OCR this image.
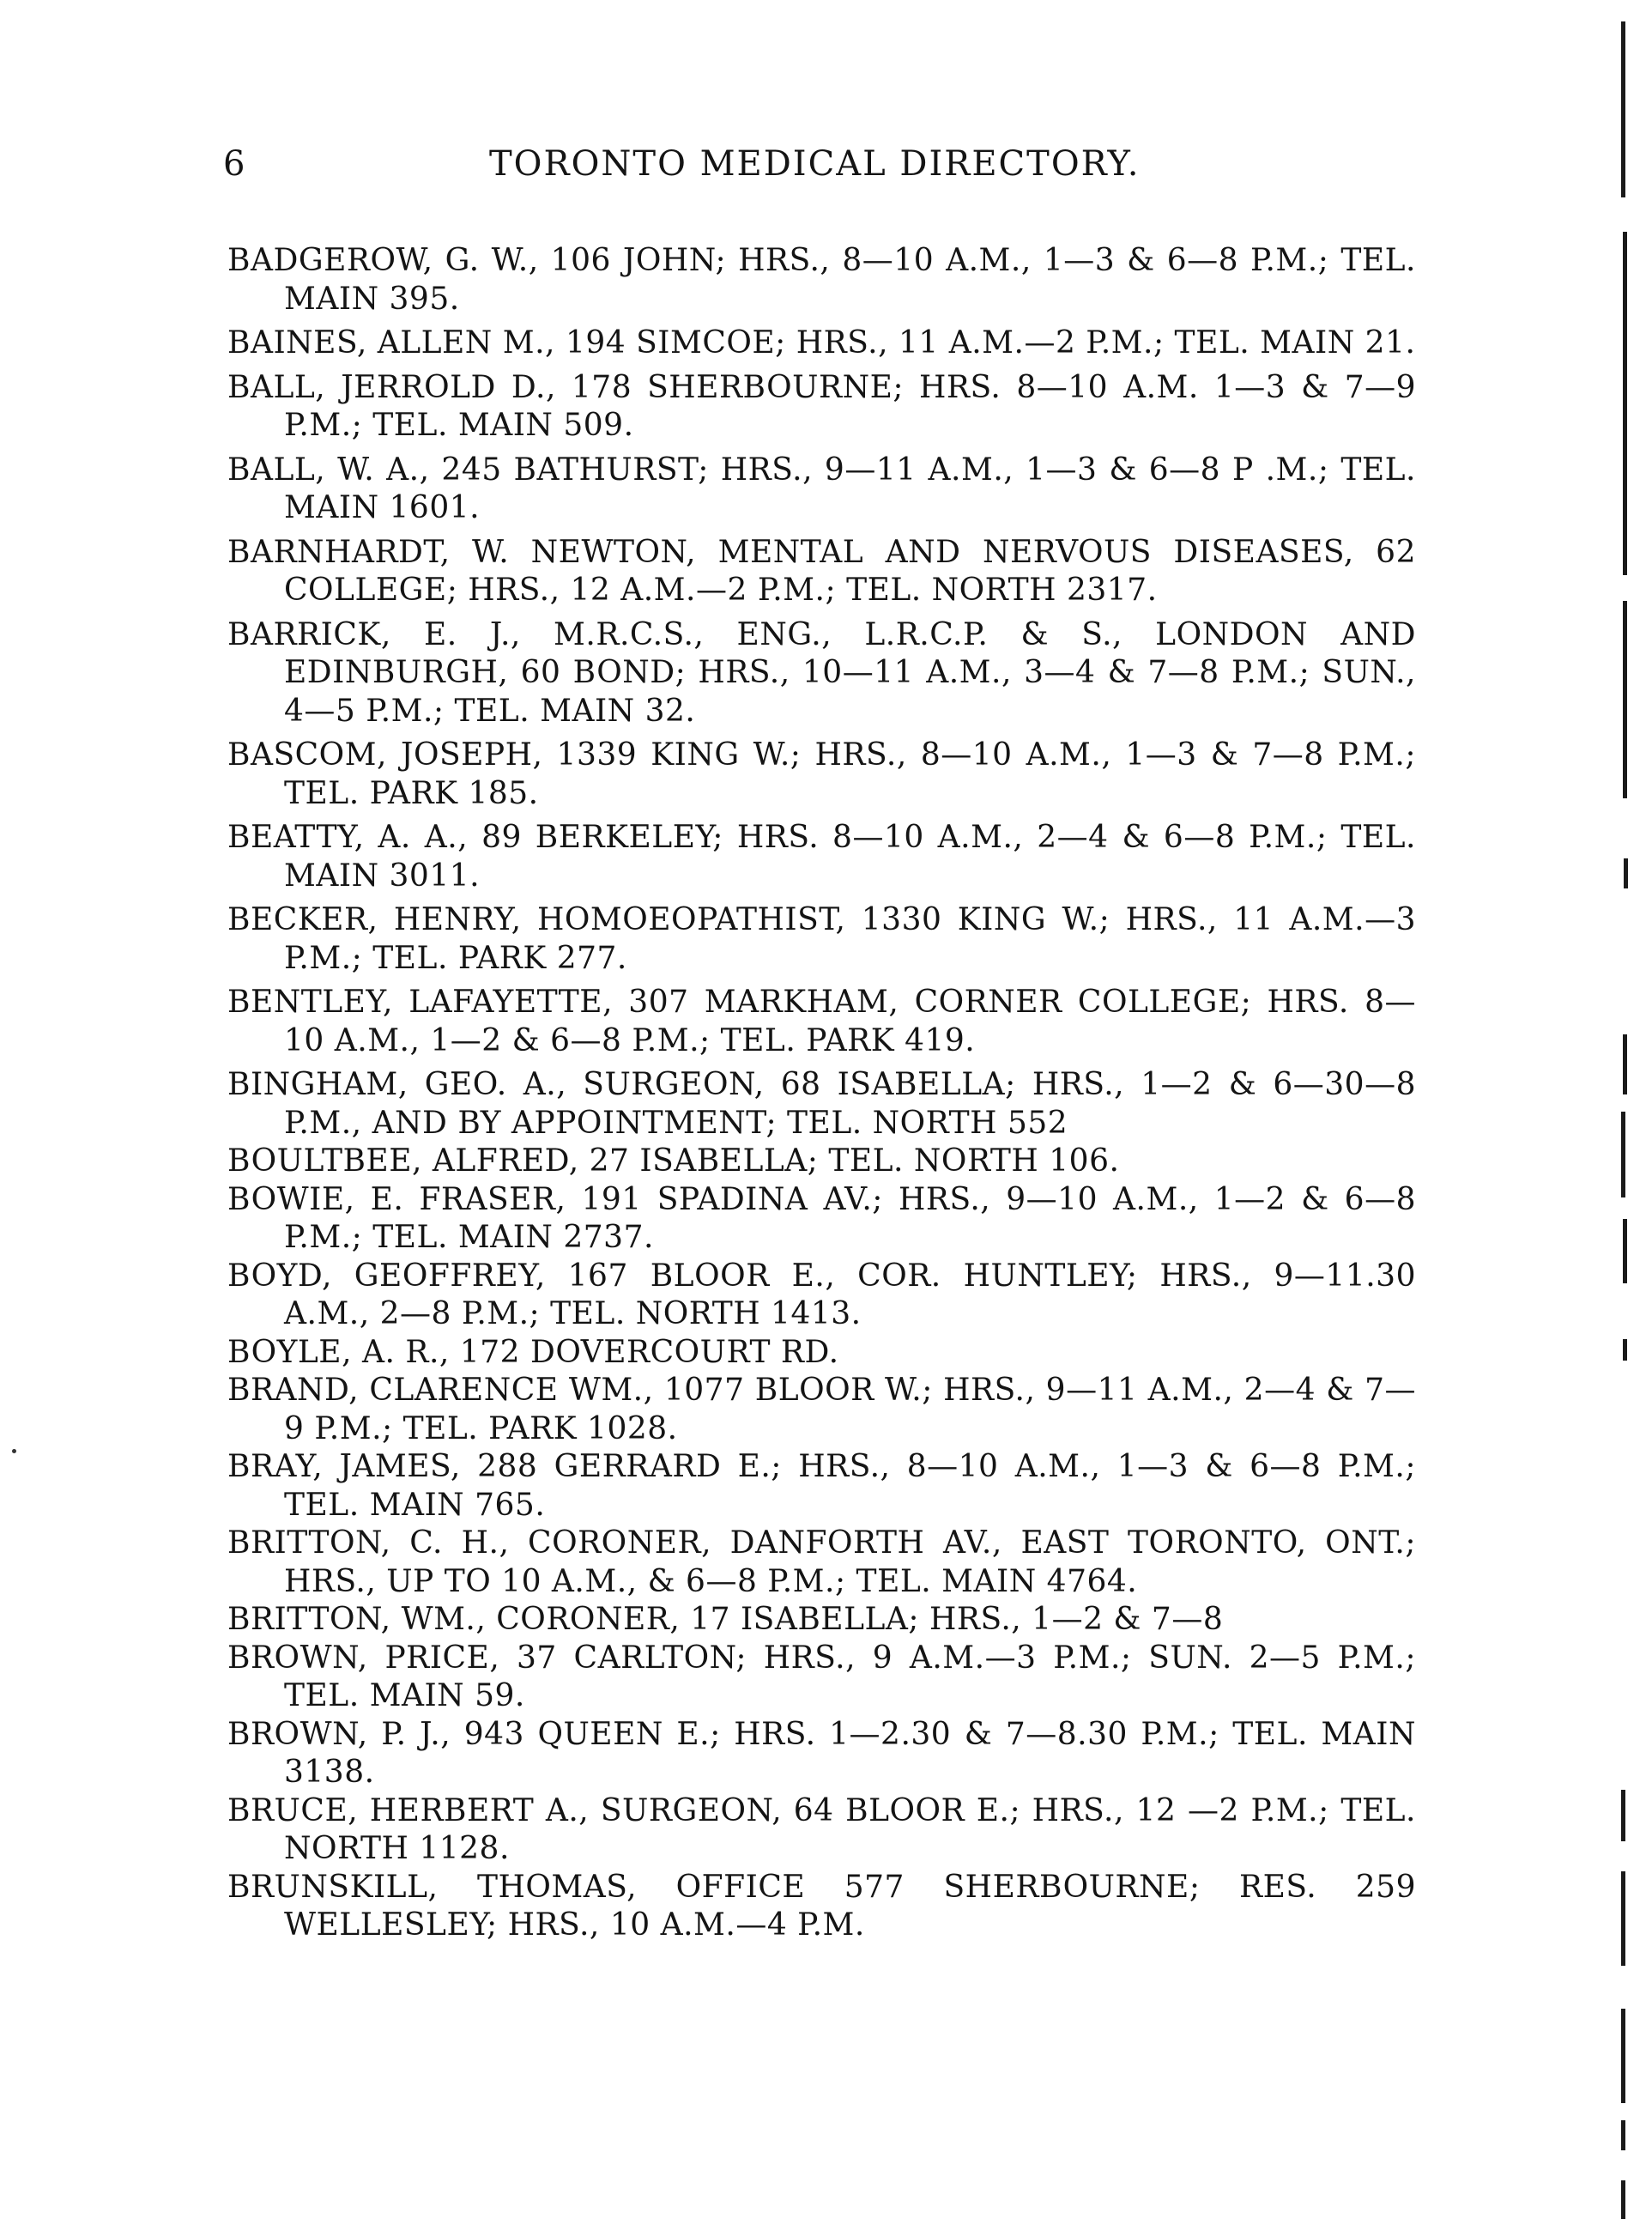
6	TORONTO MEDICAL DIRECTORY.

BADGEROW, G. W., 106 JOHN; HRS., 8—10 A.M., 1—3 & 6—8 P.M.; TEL. MAIN 395.

BAINES, ALLEN M., 194 SIMCOE; HRS., 11 A.M.—2 P.M.; TEL. MAIN 21.

BALL, JERROLD D., 178 SHERBOURNE; HRS. 8—10 A.M. 1—3 & 7—9 P.M.; TEL. MAIN 509.

BALL, W. A., 245 BATHURST; HRS., 9—11 A.M., 1—3 & 6—8 P .M.; TEL. MAIN 1601.

BARNHARDT, W. NEWTON, MENTAL AND NERVOUS DISEASES, 62 COLLEGE; HRS., 12 A.M.—2 P.M.; TEL. NORTH 2317.

BARRICK, E. J., M.R.C.S., ENG., L.R.C.P. & S., LONDON AND EDINBURGH, 60 BOND; HRS., 10—11 A.M., 3—4 & 7—8 P.M.; SUN., 4—5 P.M.; TEL. MAIN 32.

BASCOM, JOSEPH, 1339 KING W.; HRS., 8—10 A.M., 1—3 & 7—8 P.M.; TEL. PARK 185.

BEATTY, A. A., 89 BERKELEY; HRS. 8—10 A.M., 2—4 & 6—8 P.M.; TEL. MAIN 3011.

BECKER, HENRY, HOMOEOPATHIST, 1330 KING W.; HRS., 11 A.M.—3 P.M.; TEL. PARK 277.

BENTLEY, LAFAYETTE, 307 MARKHAM, CORNER COLLEGE; HRS. 8—10 A.M., 1—2 & 6—8 P.M.; TEL. PARK 419.

BINGHAM, GEO. A., SURGEON, 68 ISABELLA; HRS., 1—2 & 6—30—8 P.M., AND BY APPOINTMENT; TEL. NORTH 552

BOULTBEE, ALFRED, 27 ISABELLA; TEL. NORTH 106.

BOWIE, E. FRASER, 191 SPADINA AV.; HRS., 9—10 A.M., 1—2 & 6—8 P.M.; TEL. MAIN 2737.

BOYD, GEOFFREY, 167 BLOOR E., COR. HUNTLEY; HRS., 9—11.30 A.M., 2—8 P.M.; TEL. NORTH 1413.

BOYLE, A. R., 172 DOVERCOURT RD.

BRAND, CLARENCE WM., 1077 BLOOR W.; HRS., 9—11 A.M., 2—4 & 7—9 P.M.; TEL. PARK 1028.

BRAY, JAMES, 288 GERRARD E.; HRS., 8—10 A.M., 1—3 & 6—8 P.M.; TEL. MAIN 765.

BRITTON, C. H., CORONER, DANFORTH AV., EAST TORONTO, ONT.; HRS., UP TO 10 A.M., & 6—8 P.M.; TEL. MAIN 4764.

BRITTON, WM., CORONER, 17 ISABELLA; HRS., 1—2 & 7—8

BROWN, PRICE, 37 CARLTON; HRS., 9 A.M.—3 P.M.; SUN. 2—5 P.M.; TEL. MAIN 59.

BROWN, P. J., 943 QUEEN E.; HRS. 1—2.30 & 7—8.30 P.M.; TEL. MAIN 3138.

BRUCE, HERBERT A., SURGEON, 64 BLOOR E.; HRS., 12 —2 P.M.; TEL. NORTH 1128.

BRUNSKILL, THOMAS, OFFICE 577 SHERBOURNE; RES. 259 WELLESLEY; HRS., 10 A.M.—4 P.M.
